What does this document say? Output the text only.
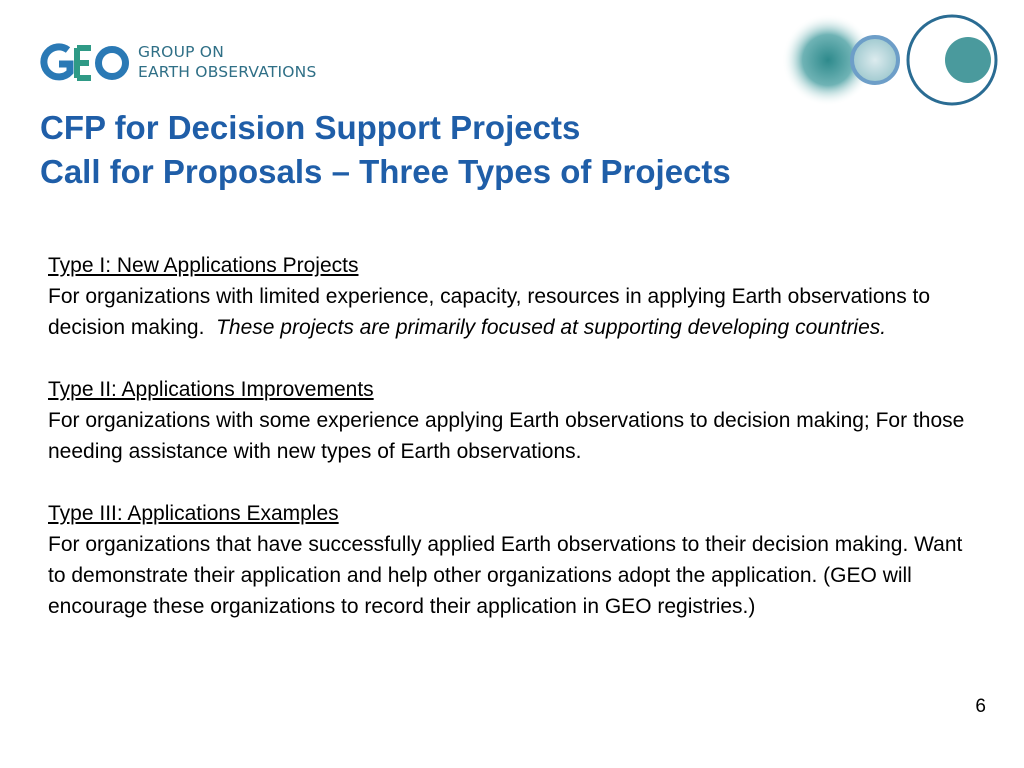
GROUP ON
EARTH OBSERVATIONS
CFP for Decision Support Projects
Call for Proposals – Three Types of Projects

Type I: New Applications Projects

For organizations with limited experience, capacity, resources in applying Earth observations to decision making. These projects are primarily focused at supporting developing countries.

Type II: Applications Improvements

For organizations with some experience applying Earth observations to decision making; For those needing assistance with new types of Earth observations.

Type III: Applications Examples

For organizations that have successfully applied Earth observations to their decision making. Want to demonstrate their application and help other organizations adopt the application. (GEO will encourage these organizations to record their application in GEO registries.)

6
